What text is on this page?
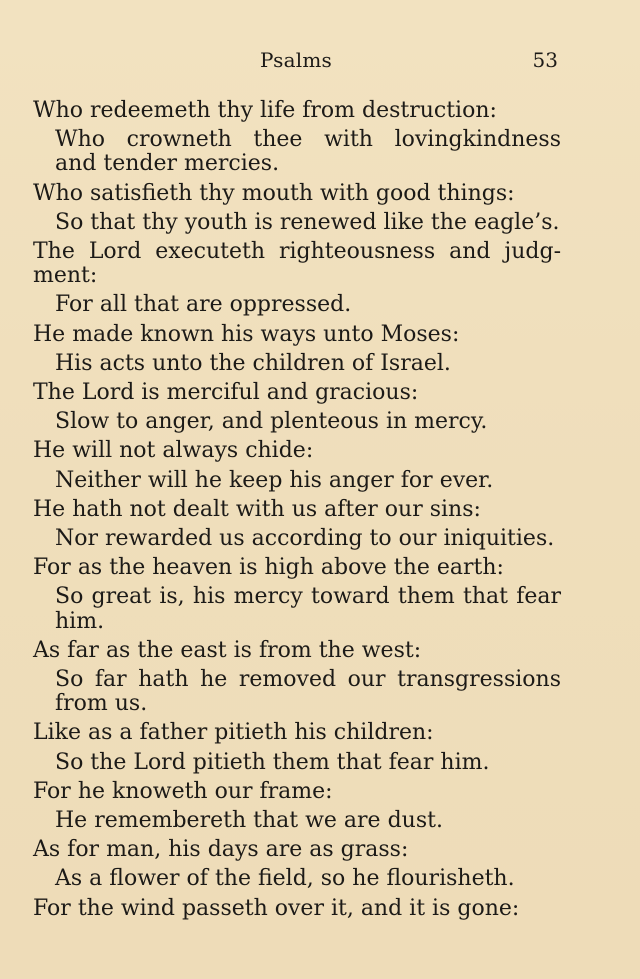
Psalms	53

Who redeemeth thy life from destruction:

Who crowneth thee with lovingkindness

and tender mercies.

Who satisfieth thy mouth with good things:

So that thy youth is renewed like the eagle’s.

The Lord executeth righteousness and judg-

ment:

For all that are oppressed.

He made known his ways unto Moses:

His acts unto the children of Israel.

The Lord is merciful and gracious:

Slow to anger, and plenteous in mercy.

He will not always chide:

Neither will he keep his anger for ever.

He hath not dealt with us after our sins:

Nor rewarded us according to our iniquities.

For as the heaven is high above the earth:

So great is, his mercy toward them that fear

him.

As far as the east is from the west:

So far hath he removed our transgressions

from us.

Like as a father pitieth his children:

So the Lord pitieth them that fear him.

For he knoweth our frame:

He remembereth that we are dust.

As for man, his days are as grass:

As a flower of the field, so he flourisheth.

For the wind passeth over it, and it is gone:
